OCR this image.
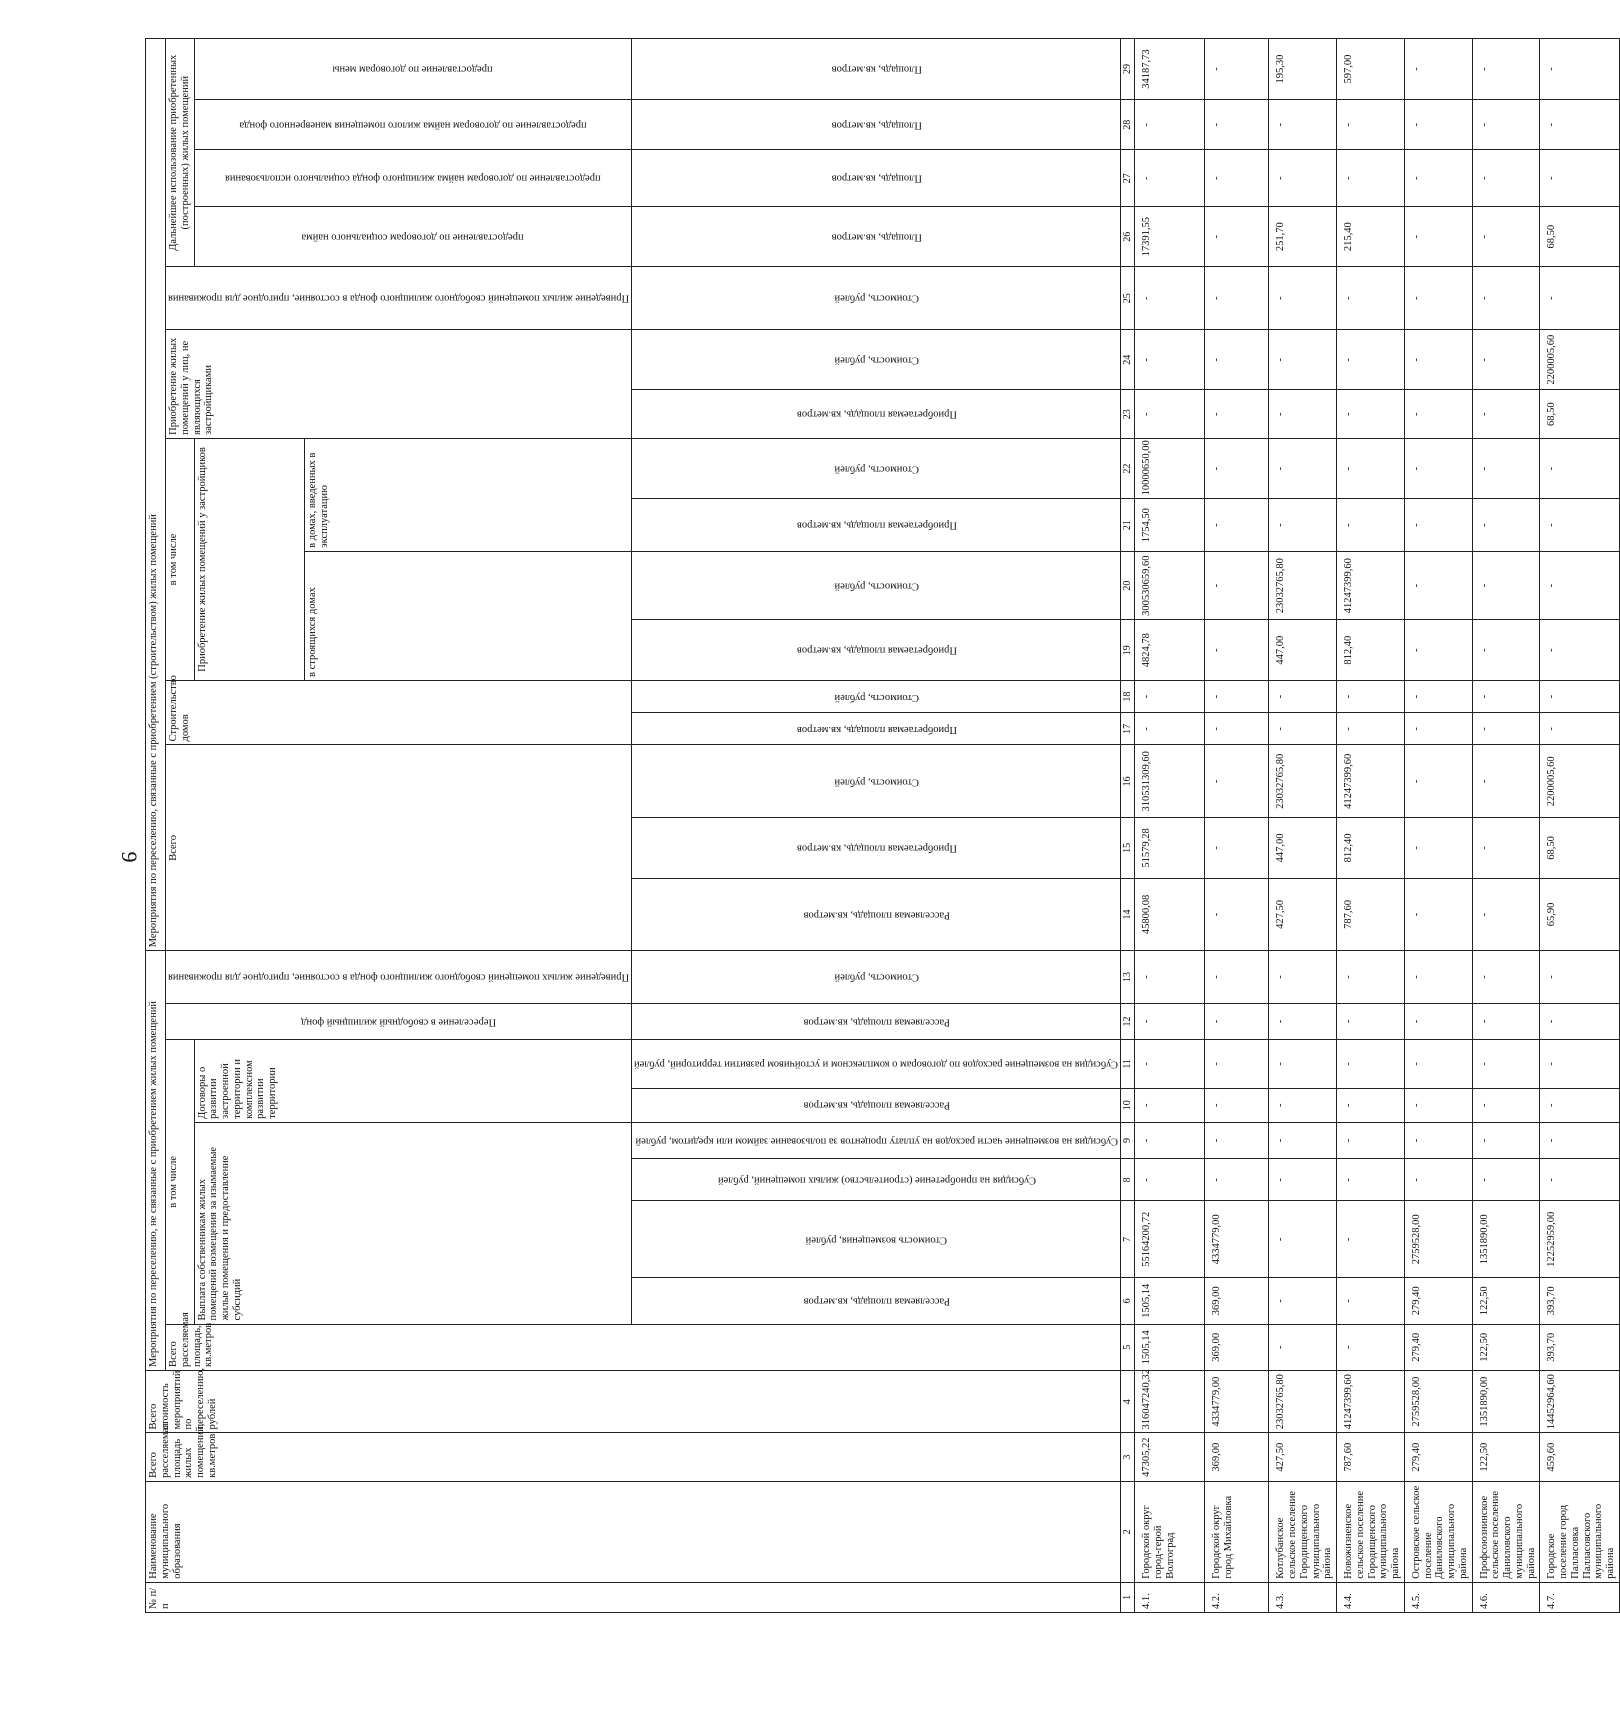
9
№ п/п	Наименование муниципального образования	Всего расселяемая площадь жилых помещений, кв.метров	Всего стоимость мероприятий по переселению, рублей	Мероприятия по переселению, не связанные с приобретением жилых помещений									Мероприятия по переселению, связанные с приобретением (строительством) жилых помещений															
				Всего расселяемая площадь, кв.метров	в том числе						Переселение в свободный жилищный фонд	Приведение жилых помещений свободного жилищного фонда в состояние, пригодное для проживания	Всего			Строительство домов		в том числе				Приобретение жилых помещений у лиц, не являющихся застройщиками		Приведение жилых помещений свободного жилищного фонда в состояние, пригодное для проживания	Дальнейшее использование приобретенных (построенных) жилых помещений			
					Выплата собственникам жилых помещений возмещения за изымаемые жилые помещения и предоставление субсидий				Договоры о развитии застроенной территории и комплексном развитии территории									Приобретение жилых помещений у застройщиков							предоставление по договорам социального найма	предоставление по договорам найма жилищного фонда социального использования	предоставление по договорам найма жилого помещения маневренного фонда	предоставление по договорам мены
																		в строящихся домах		в домах, введенных в эксплуатацию								
					Расселяемая площадь, кв.метров	Стоимость возмещения, рублей	Субсидия на приобретение (строительство) жилых помещений, рублей	Субсидия на возмещение части расходов на уплату процентов за пользование займом или кредитом, рублей	Расселяемая площадь, кв.метров	Субсидия на возмещение расходов по договорам о комплексном и устойчивом развитии территорий, рублей	Расселяемая площадь, кв.метров	Стоимость, рублей	Расселяемая площадь, кв.метров	Приобретаемая площадь, кв.метров	Стоимость, рублей	Приобретаемая площадь, кв.метров	Стоимость, рублей	Приобретаемая площадь, кв.метров	Стоимость, рублей	Приобретаемая площадь, кв.метров	Стоимость, рублей	Приобретаемая площадь, кв.метров	Стоимость, рублей	Стоимость, рублей	Площадь, кв.метров	Площадь, кв.метров	Площадь, кв.метров	Площадь, кв.метров
1	2	3	4	5	6	7	8	9	10	11	12	13	14	15	16	17	18	19	20	21	22	23	24	25	26	27	28	29
4.1.	Городской округ город-герой Волгоград	47305,22	316047240,32	1505,14	1505,14	55164200,72	-	-	-	-	-	-	45800,08	51579,28	310531309,60	-	-	4824,78	300530659,60	1754,50	10000650,00	-	-	-	17391,55	-	-	34187,73
4.2.	Городской округ город Михайловка	369,00	4334779,00	369,00	369,00	4334779,00	-	-	-	-	-	-	-	-	-	-	-	-	-	-	-	-	-	-	-	-	-	-
4.3.	Котлубанское сельское поселение Городищенского муниципального района	427,50	23032765,80	-	-	-	-	-	-	-	-	-	427,50	447,00	23032765,80	-	-	447,00	23032765,80	-	-	-	-	-	251,70	-	-	195,30
4.4.	Новожизненское сельское поселение Городищенского муниципального района	787,60	41247399,60	-	-	-	-	-	-	-	-	-	787,60	812,40	41247399,60	-	-	812,40	41247399,60	-	-	-	-	-	215,40	-	-	597,00
4.5.	Островское сельское поселение Даниловского муниципального района	279,40	2759528,00	279,40	279,40	2759528,00	-	-	-	-	-	-	-	-	-	-	-	-	-	-	-	-	-	-	-	-	-	-
4.6.	Профсоюзнинское сельское поселение Даниловского муниципального района	122,50	1351890,00	122,50	122,50	1351890,00	-	-	-	-	-	-	-	-	-	-	-	-	-	-	-	-	-	-	-	-	-	-
4.7.	Городское поселение город Палласовка Палласовского муниципального района	459,60	14452964,60	393,70	393,70	12252959,00	-	-	-	-	-	-	65,90	68,50	2200005,60	-	-	-	-	-	-	68,50	2200005,60	-	68,50	-	-	-
